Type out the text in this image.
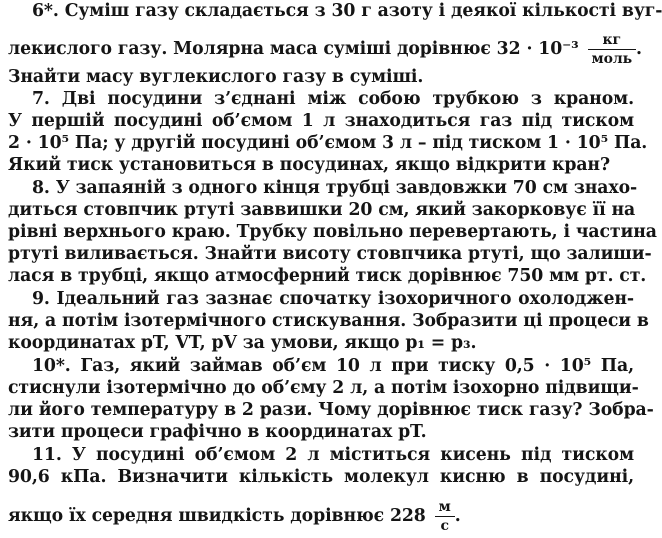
6*. Суміш газу складається з 30 г азоту і деякої кількості вуг-
лекислого газу. Молярна маса суміші дорівнює $32 \cdot 10^{-3} \frac{кг}{\text{моль}}$ .
Знайти масу вуглекислого газу в суміші.
7. Дві посудини з’єднані між собою трубкою з краном.
У першій посудині об’ємом 1 л знаходиться газ під тиском
2 · 10⁵ Па; у другій посудині об’ємом 3 л – під тиском 1 · 10⁵ Па.
Який тиск установиться в посудинах, якщо відкрити кран?
8. У запаяній з одного кінця трубці завдовжки 70 см знахо-
диться стовпчик ртуті заввишки 20 см, який закорковує її на
рівні верхнього краю. Трубку повільно перевертають, і частина
ртуті виливається. Знайти висоту стовпчика ртуті, що залиши-
лася в трубці, якщо атмосферний тиск дорівнює 750 мм рт. ст.
9. Ідеальний газ зазнає спочатку ізохоричного охолоджен-
ня, а потім ізотермічного стискування. Зобразити ці процеси в
координатах pT, VT, pV за умови, якщо p₁ = p₃.
10*. Газ, який займав об’єм 10 л при тиску 0,5 · 10⁵ Па,
стиснули ізотермічно до об’єму 2 л, а потім ізохорно підвищи-
ли його температуру в 2 рази. Чому дорівнює тиск газу? Зобра-
зити процеси графічно в координатах pT.
11. У посудині об’ємом 2 л міститься кисень під тиском
90,6 кПа. Визначити кількість молекул кисню в посудині,
якщо їх середня швидкість дорівнює $228 \frac{м}{с}$ .
